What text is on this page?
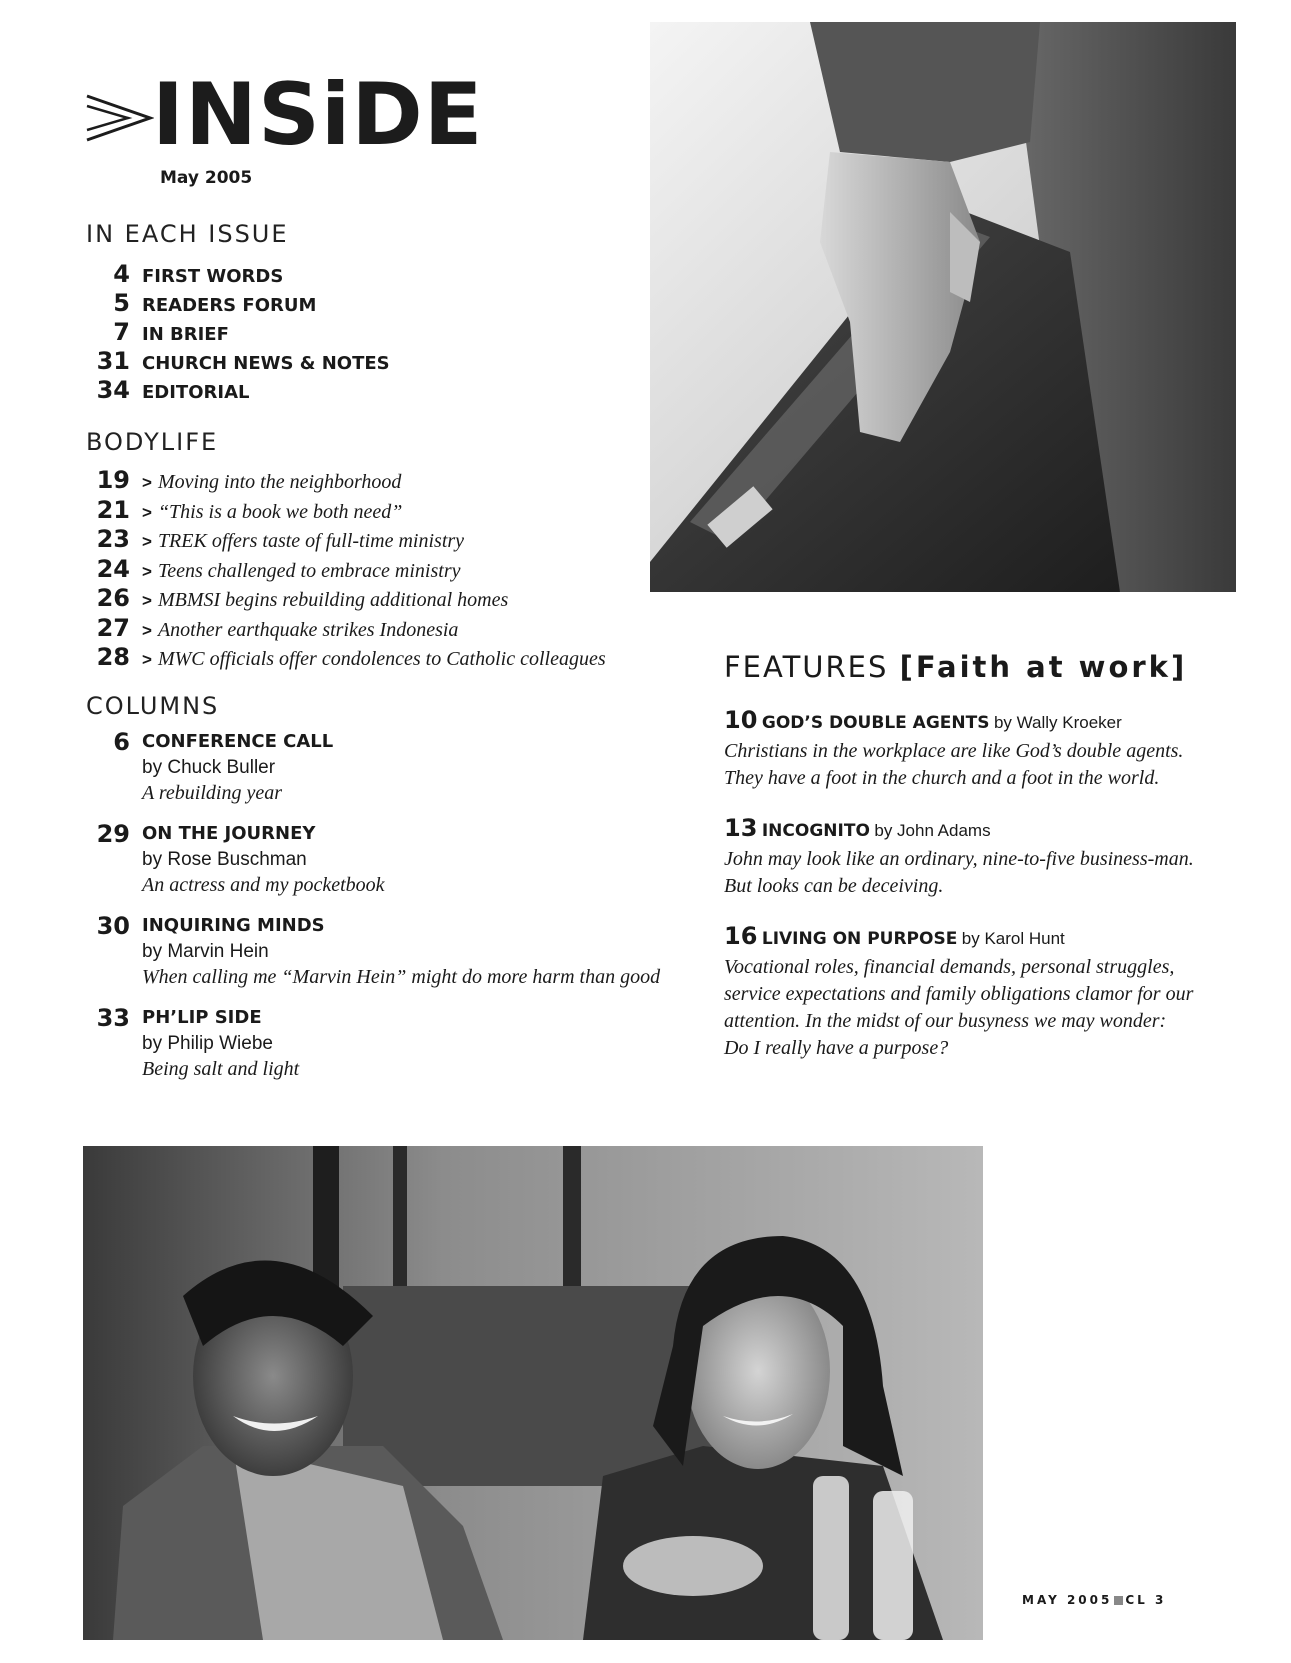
INSiDE
May 2005
IN EACH ISSUE
4 FIRST WORDS
5 READERS FORUM
7 IN BRIEF
31 CHURCH NEWS & NOTES
34 EDITORIAL
BODYLIFE
19 > Moving into the neighborhood
21 > “This is a book we both need”
23 > TREK offers taste of full-time ministry
24 > Teens challenged to embrace ministry
26 > MBMSI begins rebuilding additional homes
27 > Another earthquake strikes Indonesia
28 > MWC officials offer condolences to Catholic colleagues
COLUMNS
6 CONFERENCE CALL
by Chuck Buller
A rebuilding year
29 ON THE JOURNEY
by Rose Buschman
An actress and my pocketbook
30 INQUIRING MINDS
by Marvin Hein
When calling me “Marvin Hein” might do more harm than good
33 PH’LIP SIDE
by Philip Wiebe
Being salt and light
FEATURES [Faith at work]
10 GOD’S DOUBLE AGENTS by Wally Kroeker
Christians in the workplace are like God’s double agents. They have a foot in the church and a foot in the world.
13 INCOGNITO by John Adams
John may look like an ordinary, nine-to-five business-man. But looks can be deceiving.
16 LIVING ON PURPOSE by Karol Hunt
Vocational roles, financial demands, personal struggles, service expectations and family obligations clamor for our attention. In the midst of our busyness we may wonder: Do I really have a purpose?
MAY 2005 CL 3
